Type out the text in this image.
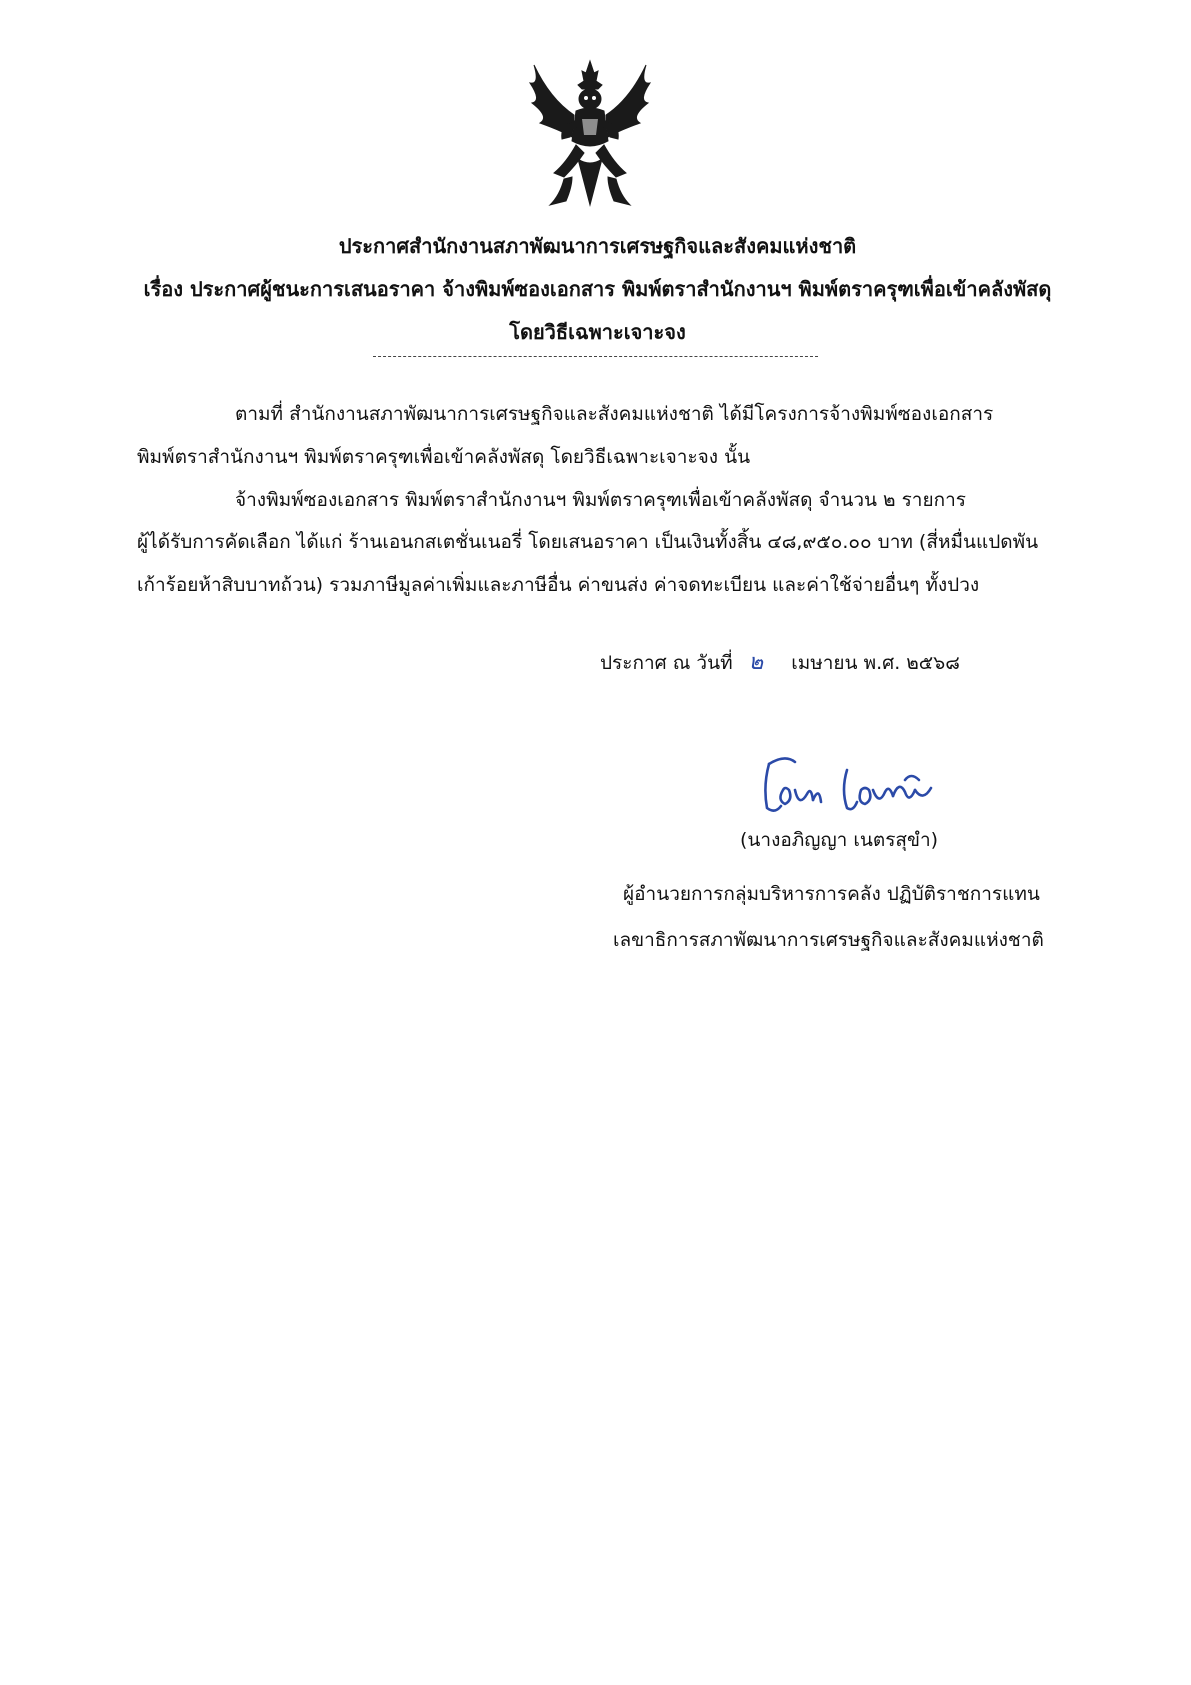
ประกาศสำนักงานสภาพัฒนาการเศรษฐกิจและสังคมแห่งชาติ
เรื่อง ประกาศผู้ชนะการเสนอราคา จ้างพิมพ์ซองเอกสาร พิมพ์ตราสำนักงานฯ พิมพ์ตราครุฑเพื่อเข้าคลังพัสดุ
โดยวิธีเฉพาะเจาะจง
ตามที่ สำนักงานสภาพัฒนาการเศรษฐกิจและสังคมแห่งชาติ ได้มีโครงการจ้างพิมพ์ซองเอกสาร
พิมพ์ตราสำนักงานฯ พิมพ์ตราครุฑเพื่อเข้าคลังพัสดุ โดยวิธีเฉพาะเจาะจง นั้น
จ้างพิมพ์ซองเอกสาร พิมพ์ตราสำนักงานฯ พิมพ์ตราครุฑเพื่อเข้าคลังพัสดุ จำนวน ๒ รายการ
ผู้ได้รับการคัดเลือก ได้แก่ ร้านเอนกสเตชั่นเนอรี่ โดยเสนอราคา เป็นเงินทั้งสิ้น ๔๘,๙๕๐.๐๐ บาท (สี่หมื่นแปดพัน
เก้าร้อยห้าสิบบาทถ้วน) รวมภาษีมูลค่าเพิ่มและภาษีอื่น ค่าขนส่ง ค่าจดทะเบียน และค่าใช้จ่ายอื่นๆ ทั้งปวง
ประกาศ ณ วันที่ ๒ เมษายน พ.ศ. ๒๕๖๘
(นางอภิญญา เนตรสุขำ)
ผู้อำนวยการกลุ่มบริหารการคลัง ปฏิบัติราชการแทน
เลขาธิการสภาพัฒนาการเศรษฐกิจและสังคมแห่งชาติ
